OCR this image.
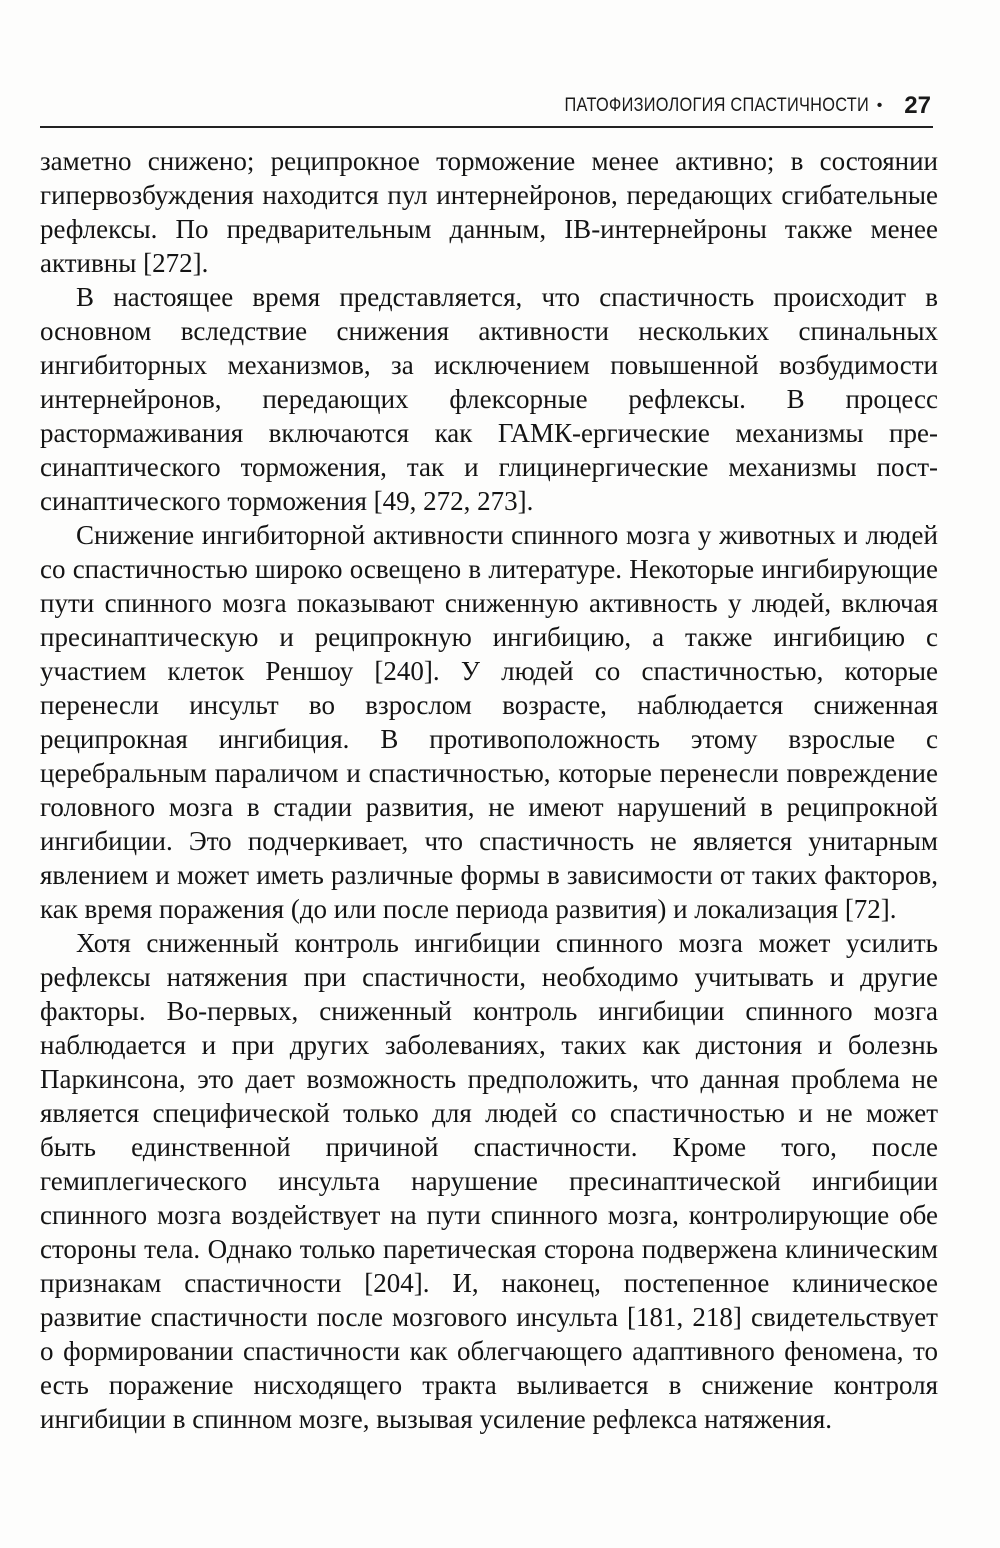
ПАТОФИЗИОЛОГИЯ СПАСТИЧНОСТИ • 27

заметно снижено; реципрокное торможение менее активно; в состоянии гипервозбуждения находится пул интернейронов, передающих сгибательные рефлексы. По предварительным данным, IB-интернейроны также менее активны [272].

В настоящее время представляется, что спастичность происходит в основном вследствие снижения активности нескольких спинальных ингибиторных механизмов, за исключением повышенной возбудимости интернейронов, передающих флексорные рефлексы. В процесс растормаживания включаются как ГАМК-ергические механизмы пресинаптического торможения, так и глицинергические механизмы постсинаптического торможения [49, 272, 273].

Снижение ингибиторной активности спинного мозга у животных и людей со спастичностью широко освещено в литературе. Некоторые ингибирующие пути спинного мозга показывают сниженную активность у людей, включая пресинаптическую и реципрокную ингибицию, а также ингибицию с участием клеток Реншоу [240]. У людей со спастичностью, которые перенесли инсульт во взрослом возрасте, наблюдается сниженная реципрокная ингибиция. В противоположность этому взрослые с церебральным параличом и спастичностью, которые перенесли повреждение головного мозга в стадии развития, не имеют нарушений в реципрокной ингибиции. Это подчеркивает, что спастичность не является унитарным явлением и может иметь различные формы в зависимости от таких факторов, как время поражения (до или после периода развития) и локализация [72].

Хотя сниженный контроль ингибиции спинного мозга может усилить рефлексы натяжения при спастичности, необходимо учитывать и другие факторы. Во-первых, сниженный контроль ингибиции спинного мозга наблюдается и при других заболеваниях, таких как дистония и болезнь Паркинсона, это дает возможность предположить, что данная проблема не является специфической только для людей со спастичностью и не может быть единственной причиной спастичности. Кроме того, после гемиплегического инсульта нарушение пресинаптической ингибиции спинного мозга воздействует на пути спинного мозга, контролирующие обе стороны тела. Однако только паретическая сторона подвержена клиническим признакам спастичности [204]. И, наконец, постепенное клиническое развитие спастичности после мозгового инсульта [181, 218] свидетельствует о формировании спастичности как облегчающего адаптивного феномена, то есть поражение нисходящего тракта выливается в снижение контроля ингибиции в спинном мозге, вызывая усиление рефлекса натяжения.
